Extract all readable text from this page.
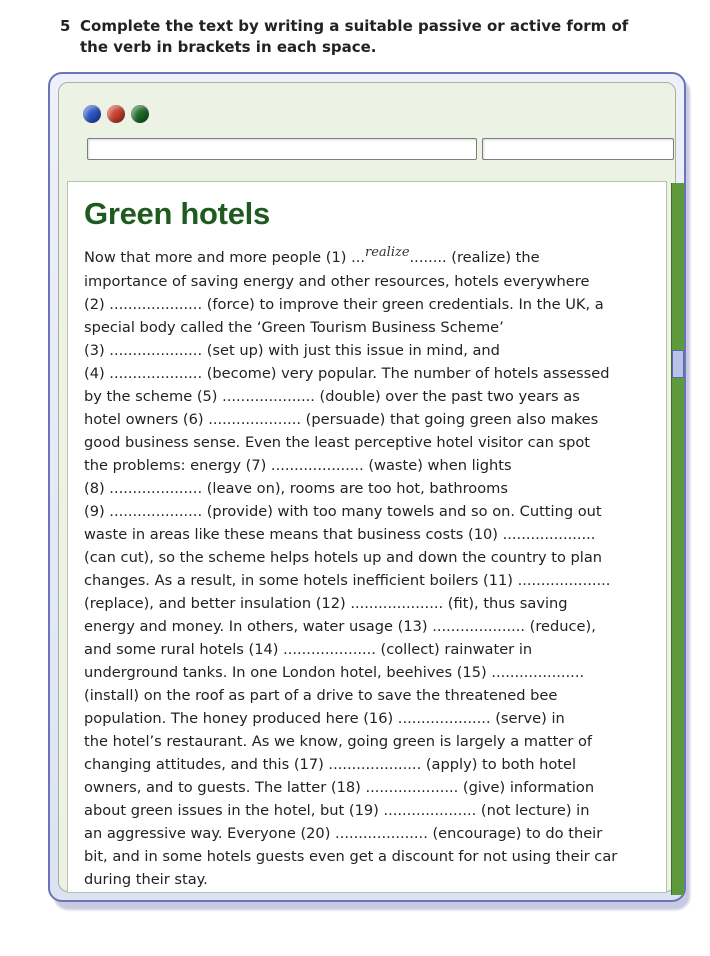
5 Complete the text by writing a suitable passive or active form of the verb in brackets in each space.
Green hotels
Now that more and more people (1) ...realize........ (realize) the
importance of saving energy and other resources, hotels everywhere
(2) .................... (force) to improve their green credentials. In the UK, a
special body called the ‘Green Tourism Business Scheme’
(3) .................... (set up) with just this issue in mind, and
(4) .................... (become) very popular. The number of hotels assessed
by the scheme (5) .................... (double) over the past two years as
hotel owners (6) .................... (persuade) that going green also makes
good business sense. Even the least perceptive hotel visitor can spot
the problems: energy (7) .................... (waste) when lights
(8) .................... (leave on), rooms are too hot, bathrooms
(9) .................... (provide) with too many towels and so on. Cutting out
waste in areas like these means that business costs (10) ....................
(can cut), so the scheme helps hotels up and down the country to plan
changes. As a result, in some hotels inefficient boilers (11) ....................
(replace), and better insulation (12) .................... (fit), thus saving
energy and money. In others, water usage (13) .................... (reduce),
and some rural hotels (14) .................... (collect) rainwater in
underground tanks. In one London hotel, beehives (15) ....................
(install) on the roof as part of a drive to save the threatened bee
population. The honey produced here (16) .................... (serve) in
the hotel’s restaurant. As we know, going green is largely a matter of
changing attitudes, and this (17) .................... (apply) to both hotel
owners, and to guests. The latter (18) .................... (give) information
about green issues in the hotel, but (19) .................... (not lecture) in
an aggressive way. Everyone (20) .................... (encourage) to do their
bit, and in some hotels guests even get a discount for not using their car
during their stay.
